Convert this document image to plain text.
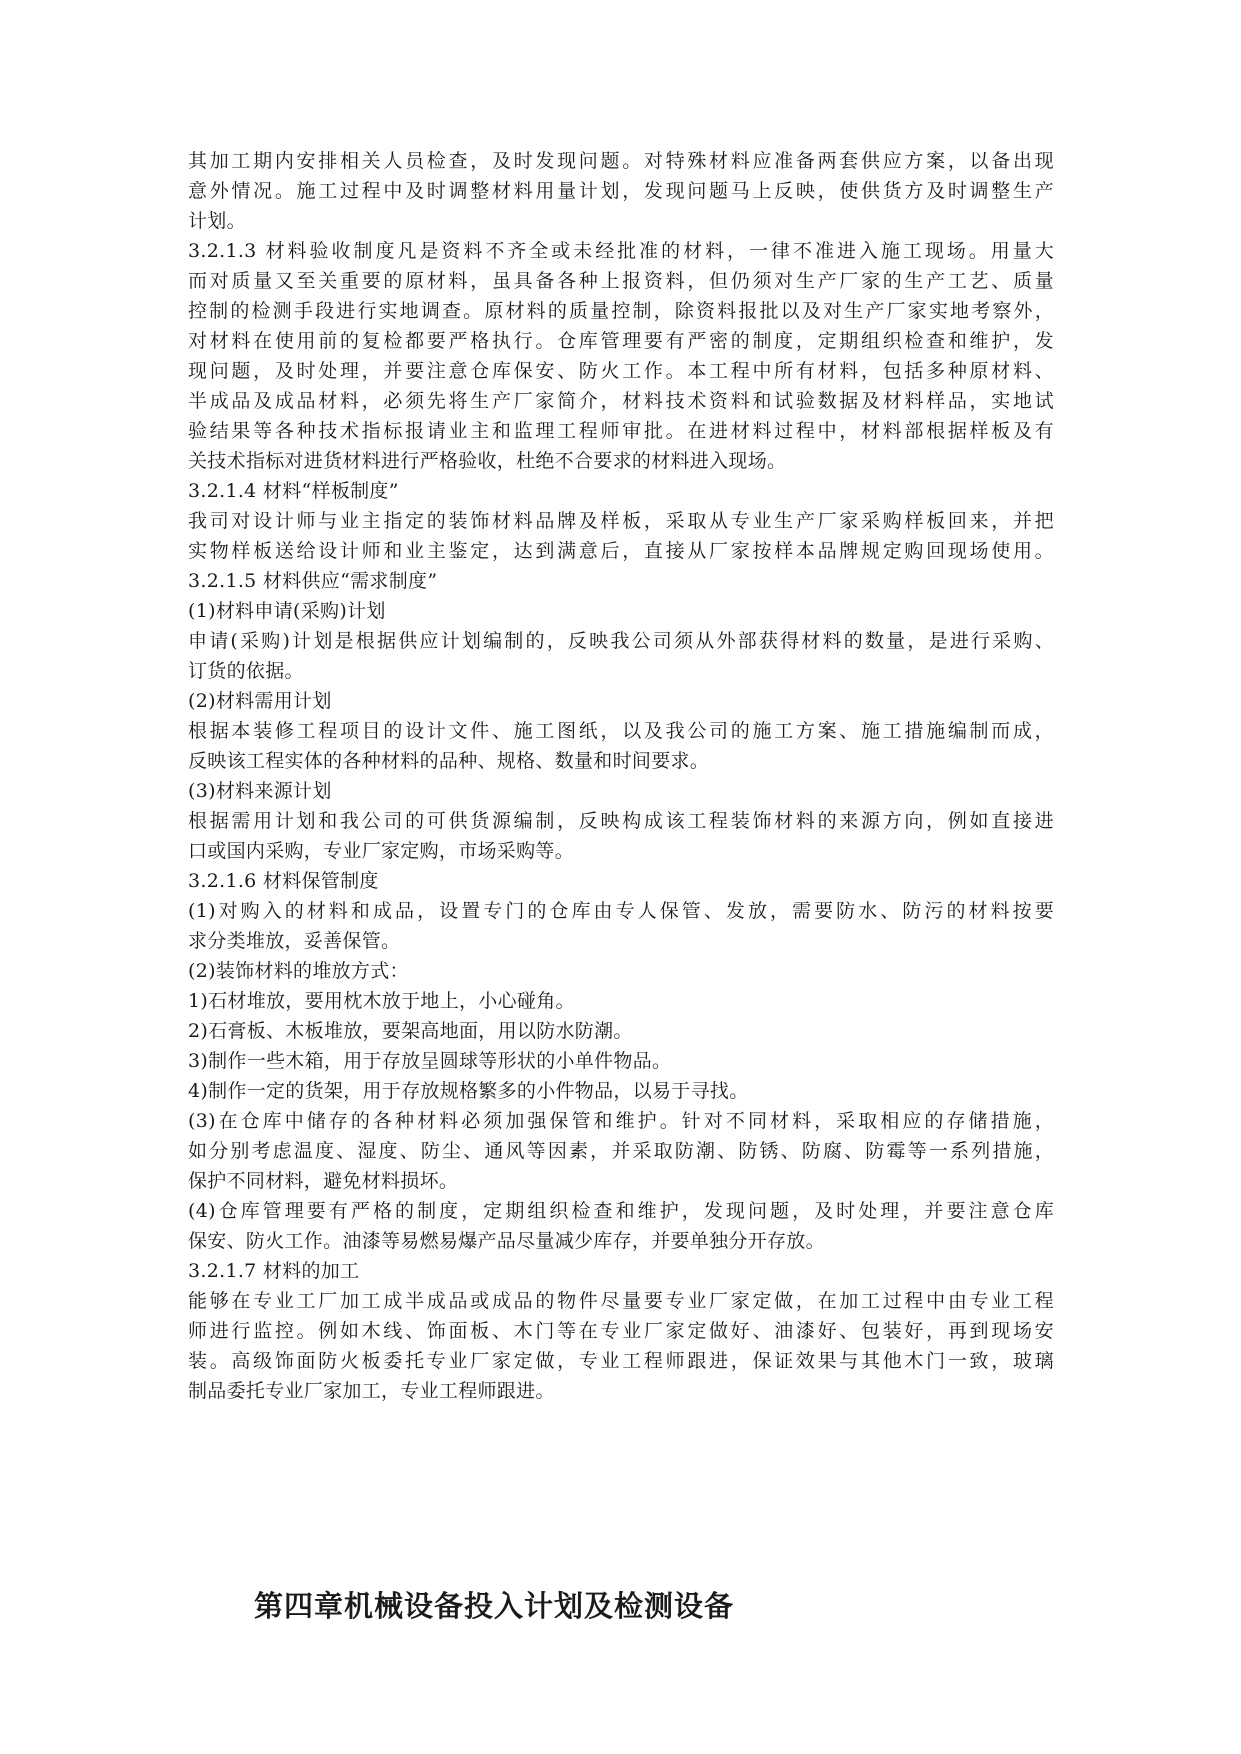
其加工期内安排相关人员检查，及时发现问题。对特殊材料应准备两套供应方案，以备出现
意外情况。施工过程中及时调整材料用量计划，发现问题马上反映，使供货方及时调整生产
计划。
3.2.1.3 材料验收制度凡是资料不齐全或未经批准的材料，一律不准进入施工现场。用量大
而对质量又至关重要的原材料，虽具备各种上报资料，但仍须对生产厂家的生产工艺、质量
控制的检测手段进行实地调查。原材料的质量控制，除资料报批以及对生产厂家实地考察外，
对材料在使用前的复检都要严格执行。仓库管理要有严密的制度，定期组织检查和维护，发
现问题，及时处理，并要注意仓库保安、防火工作。本工程中所有材料，包括多种原材料、
半成品及成品材料，必须先将生产厂家简介，材料技术资料和试验数据及材料样品，实地试
验结果等各种技术指标报请业主和监理工程师审批。在进材料过程中，材料部根据样板及有
关技术指标对进货材料进行严格验收，杜绝不合要求的材料进入现场。
3.2.1.4 材料“样板制度”
我司对设计师与业主指定的装饰材料品牌及样板，采取从专业生产厂家采购样板回来，并把
实物样板送给设计师和业主鉴定，达到满意后，直接从厂家按样本品牌规定购回现场使用。
3.2.1.5 材料供应“需求制度”
(1)材料申请(采购)计划
申请(采购)计划是根据供应计划编制的，反映我公司须从外部获得材料的数量，是进行采购、
订货的依据。
(2)材料需用计划
根据本装修工程项目的设计文件、施工图纸，以及我公司的施工方案、施工措施编制而成，
反映该工程实体的各种材料的品种、规格、数量和时间要求。
(3)材料来源计划
根据需用计划和我公司的可供货源编制，反映构成该工程装饰材料的来源方向，例如直接进
口或国内采购，专业厂家定购，市场采购等。
3.2.1.6 材料保管制度
(1)对购入的材料和成品，设置专门的仓库由专人保管、发放，需要防水、防污的材料按要
求分类堆放，妥善保管。
(2)装饰材料的堆放方式：
1)石材堆放，要用枕木放于地上，小心碰角。
2)石膏板、木板堆放，要架高地面，用以防水防潮。
3)制作一些木箱，用于存放呈圆球等形状的小单件物品。
4)制作一定的货架，用于存放规格繁多的小件物品，以易于寻找。
(3)在仓库中储存的各种材料必须加强保管和维护。针对不同材料，采取相应的存储措施，
如分别考虑温度、湿度、防尘、通风等因素，并采取防潮、防锈、防腐、防霉等一系列措施，
保护不同材料，避免材料损坏。
(4)仓库管理要有严格的制度，定期组织检查和维护，发现问题，及时处理，并要注意仓库
保安、防火工作。油漆等易燃易爆产品尽量减少库存，并要单独分开存放。
3.2.1.7 材料的加工
能够在专业工厂加工成半成品或成品的物件尽量要专业厂家定做，在加工过程中由专业工程
师进行监控。例如木线、饰面板、木门等在专业厂家定做好、油漆好、包装好，再到现场安
装。高级饰面防火板委托专业厂家定做，专业工程师跟进，保证效果与其他木门一致，玻璃
制品委托专业厂家加工，专业工程师跟进。
第四章机械设备投入计划及检测设备
